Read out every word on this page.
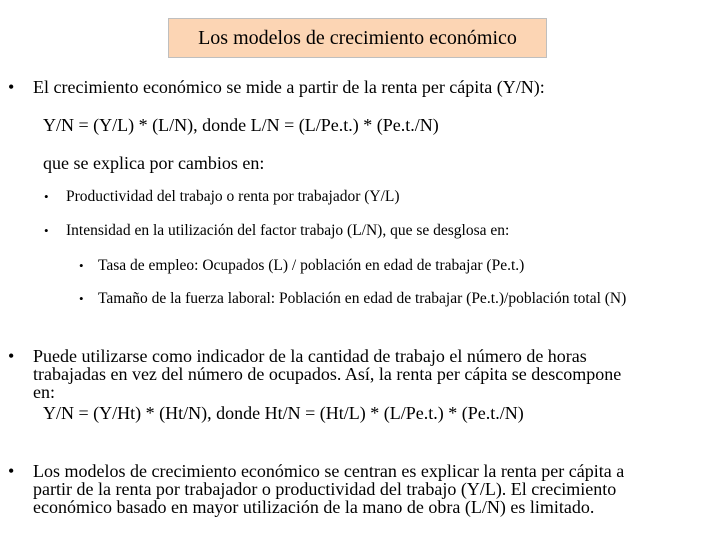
Los modelos de crecimiento económico
• El crecimiento económico se mide a partir de la renta per cápita (Y/N):
Y/N = (Y/L) * (L/N), donde L/N = (L/Pe.t.) * (Pe.t./N)
que se explica por cambios en:
• Productividad del trabajo o renta por trabajador (Y/L)
• Intensidad en la utilización del factor trabajo (L/N), que se desglosa en:
• Tasa de empleo: Ocupados (L) / población en edad de trabajar (Pe.t.)
• Tamaño de la fuerza laboral: Población en edad de trabajar (Pe.t.)/población total (N)
• Puede utilizarse como indicador de la cantidad de trabajo el número de horas
trabajadas en vez del número de ocupados. Así, la renta per cápita se descompone
en:
Y/N = (Y/Ht) * (Ht/N), donde Ht/N = (Ht/L) * (L/Pe.t.) * (Pe.t./N)
• Los modelos de crecimiento económico se centran es explicar la renta per cápita a
partir de la renta por trabajador o productividad del trabajo (Y/L). El crecimiento
económico basado en mayor utilización de la mano de obra (L/N) es limitado.
